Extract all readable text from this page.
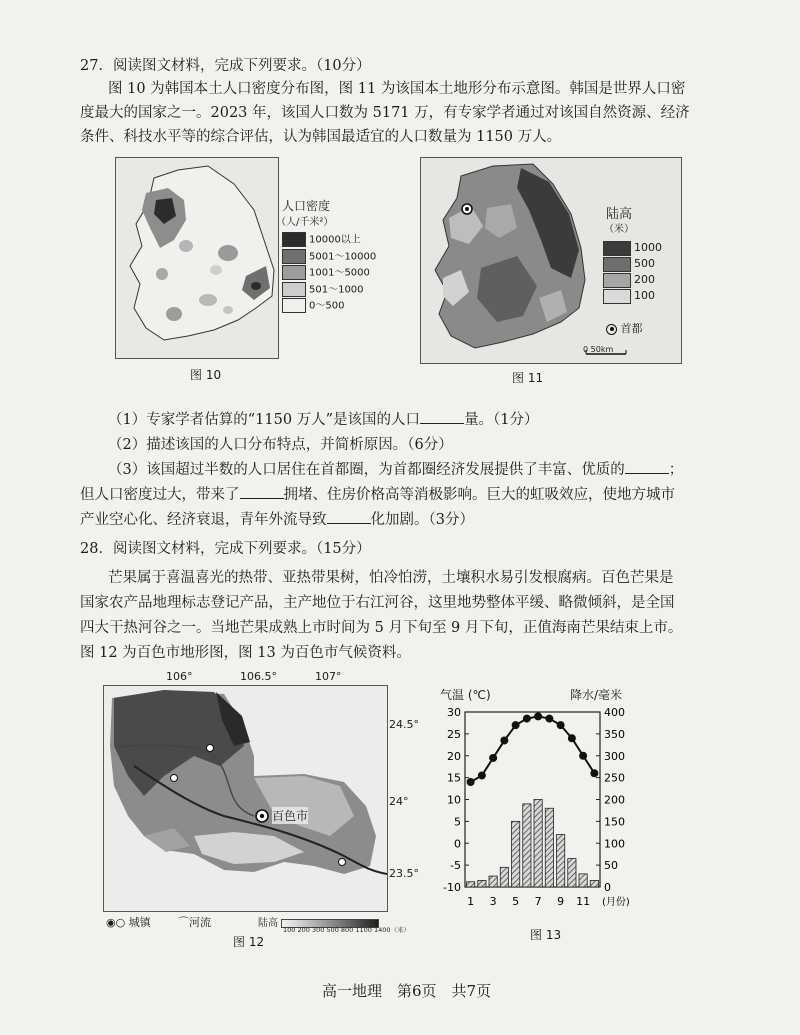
27．阅读图文材料，完成下列要求。（10分）
图 10 为韩国本土人口密度分布图，图 11 为该国本土地形分布示意图。韩国是世界人口密
度最大的国家之一。2023 年，该国人口数为 5171 万，有专家学者通过对该国自然资源、经济
条件、科技水平等的综合评估，认为韩国最适宜的人口数量为 1150 万人。
人口密度
（人/千米²）
10000以上
5001～10000
1001～5000
501～1000
0～500
图 10
0 50km
陆高
（米）
1000
500
200
100
首都
图 11
（1）专家学者估算的“1150 万人”是该国的人口	量。（1分）
（2）描述该国的人口分布特点，并简析原因。（6分）
（3）该国超过半数的人口居住在首都圈，为首都圈经济发展提供了丰富、优质的	；
但人口密度过大，带来了	拥堵、住房价格高等消极影响。巨大的虹吸效应，使地方城市
产业空心化、经济衰退，青年外流导致	化加剧。（3分）
28．阅读图文材料，完成下列要求。（15分）
芒果属于喜温喜光的热带、亚热带果树，怕冷怕涝，土壤积水易引发根腐病。百色芒果是
国家农产品地理标志登记产品，主产地位于右江河谷，这里地势整体平缓、略微倾斜，是全国
四大干热河谷之一。当地芒果成熟上市时间为 5 月下旬至 9 月下旬，正值海南芒果结束上市。
图 12 为百色市地形图，图 13 为百色市气候资料。
106°	106.5°	107°
百色市
24.5°
24°
23.5°
◉○ 城镇 ⌒河流	陆高
100 200 300 500 800 1100 1400（米）
图 12
气温 (℃)	降水/毫米
30
25
20
15
10
5
0
-5
-10
400
350
300
250
200
150
100
50
0
1 3 5 7 9 11 (月份)
图 13
高一地理　第6页　共7页
